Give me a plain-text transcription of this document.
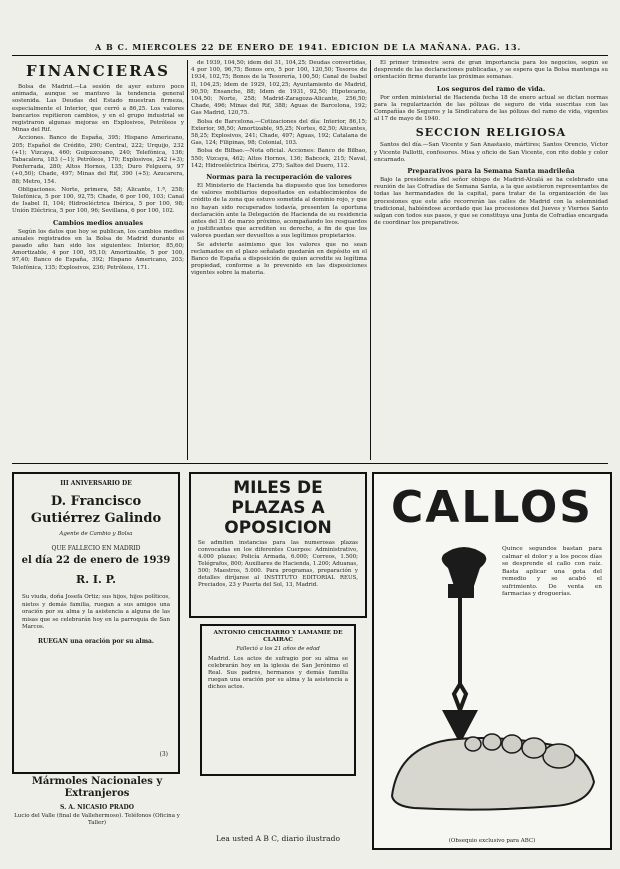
A B C. MIERCOLES 22 DE ENERO DE 1941. EDICION DE LA MAÑANA. PAG. 13.
FINANCIERAS

Bolsa de Madrid.—La sesión de ayer estuvo poco animada, aunque se mantuvo la tendencia general sostenida. Las Deudas del Estado muestran firmeza, especialmente el Interior, que cerró a 86,25. Los valores bancarios repitieron cambios, y en el grupo industrial se registraron algunas mejoras en Explosivos, Petróleos y Minas del Rif.

Acciones. Banco de España, 395; Hispano Americano, 205; Español de Crédito, 290; Central, 222; Urquijo, 232 (+1); Vizcaya, 460; Guipuzcoano, 240; Telefónica, 136; Tabacalera, 183 (−1); Petróleos, 170; Explosivos, 242 (+3); Ponferrada, 280; Altos Hornos, 135; Duro Felguera, 97 (+0,50); Chade, 497; Minas del Rif, 390 (+5); Azucarera, 88; Metro, 154.

Obligaciones. Norte, primera, 58; Alicante, 1.ª, 258; Telefónica, 5 por 100, 92,75; Chade, 6 por 100, 103; Canal de Isabel II, 104; Hidroeléctrica Ibérica, 5 por 100, 98; Unión Eléctrica, 5 por 100, 96; Sevillana, 6 por 100, 102.

Cambios medios anuales

Según los datos que hoy se publican, los cambios medios anuales registrados en la Bolsa de Madrid durante el pasado año han sido los siguientes: Interior, 85,60; Amortizable, 4 por 100, 95,10; Amortizable, 5 por 100, 97,40; Banco de España, 392; Hispano Americano, 203; Telefónica, 135; Explosivos, 236; Petróleos, 171.

de 1939, 104,50; idem del 31, 104,25; Deudas convertidas, 4 por 100, 96,75; Bonos oro, 5 por 100, 120,50; Tesoros de 1934, 102,75; Bonos de la Tesorería, 100,50; Canal de Isabel II, 104,25; Idem de 1929, 102,25; Ayuntamiento de Madrid, 90,50; Ensanche, 88; Idem de 1931, 92,50; Hipotecario, 104,50; Norte, 258; Madrid-Zaragoza-Alicante, 256,50; Chade, 496; Minas del Rif, 388; Aguas de Barcelona, 192; Gas Madrid, 120,75.

Bolsa de Barcelona.—Cotizaciones del día: Interior, 86,15; Exterior, 98,50; Amortizable, 95,25; Nortes, 62,50; Alicantes, 58,25; Explosivos, 241; Chade, 497; Aguas, 192; Catalana de Gas, 124; Filipinas, 98; Colonial, 103.

Bolsa de Bilbao.—Nota oficial. Acciones: Banco de Bilbao, 550; Vizcaya, 462; Altos Hornos, 136; Babcock, 215; Naval, 142; Hidroeléctrica Ibérica, 275; Saltos del Duero, 112.

Normas para la recuperación de valores

El Ministerio de Hacienda ha dispuesto que los tenedores de valores mobiliarios depositados en establecimientos de crédito de la zona que estuvo sometida al dominio rojo, y que no hayan sido recuperados todavía, presenten la oportuna declaración ante la Delegación de Hacienda de su residencia antes del 31 de marzo próximo, acompañando los resguardos o justificantes que acrediten su derecho, a fin de que los valores puedan ser devueltos a sus legítimos propietarios.

Se advierte asimismo que los valores que no sean reclamados en el plazo señalado quedarán en depósito en el Banco de España a disposición de quien acredite su legítima propiedad, conforme a lo prevenido en las disposiciones vigentes sobre la materia.

El primer trimestre será de gran importancia para los negocios, según se desprende de las declaraciones publicadas, y se espera que la Bolsa mantenga su orientación firme durante las próximas semanas.

Los seguros del ramo de vida.

Por orden ministerial de Hacienda fecha 18 de enero actual se dictan normas para la regularización de las pólizas de seguro de vida suscritas con las Compañías de Seguros y la Sindicatura de las pólizas del ramo de vida, vigentes al 17 de mayo de 1940.

SECCION RELIGIOSA

Santos del día.—San Vicente y San Anastasio, mártires; Santos Orencio, Víctor y Vicente Pallotti, confesores. Misa y oficio de San Vicente, con rito doble y color encarnado.

Preparativos para la Semana Santa madrileña

Bajo la presidencia del señor obispo de Madrid-Alcalá se ha celebrado una reunión de las Cofradías de Semana Santa, a la que asistieron representantes de todas las hermandades de la capital, para tratar de la organización de las procesiones que este año recorrerán las calles de Madrid con la solemnidad tradicional, habiéndose acordado que las procesiones del Jueves y Viernes Santo salgan con todos sus pasos, y que se constituya una Junta de Cofradías encargada de coordinar los preparativos.

III ANIVERSARIO DE
D. Francisco Gutiérrez Galindo
Agente de Cambio y Bolsa
QUE FALLECIO EN MADRID
el día 22 de enero de 1939
R. I. P.
Su viuda, doña Josefa Ortiz; sus hijos, hijos políticos, nietos y demás familia, ruegan a sus amigos una oración por su alma y la asistencia a alguna de las misas que se celebrarán hoy en la parroquia de San Marcos.
RUEGAN una oración por su alma.
(3)
Mármoles Nacionales y Extranjeros
S. A. NICASIO PRADO
Lucio del Valle (final de Vallehermoso). Teléfonos (Oficina y Taller)
MILES DE PLAZAS A OPOSICION
Se admiten instancias para las numerosas plazas convocadas en los diferentes Cuerpos: Administrativo, 4.000 plazas; Policía Armada, 6.000; Correos, 1.500; Telégrafos, 800; Auxiliares de Hacienda, 1.200; Aduanas, 500; Maestros, 5.000. Para programas, preparación y detalles diríjanse al INSTITUTO EDITORIAL REUS, Preciados, 23 y Puerta del Sol, 13, Madrid.
ANTONIO CHICHARRO Y LAMAMIE DE CLAIRAC
Falleció a los 21 años de edad
Madrid. Los actos de sufragio por su alma se celebrarán hoy en la iglesia de San Jerónimo el Real. Sus padres, hermanos y demás familia ruegan una oración por su alma y la asistencia a dichos actos.
Lea usted A B C, diario ilustrado
CALLOS
Quince segundos bastan para calmar el dolor y a los pocos días se desprende el callo con raíz. Basta aplicar una gota del remedio y se acabó el sufrimiento. De venta en farmacias y droguerías.
(Obsequio exclusivo para ABC)
